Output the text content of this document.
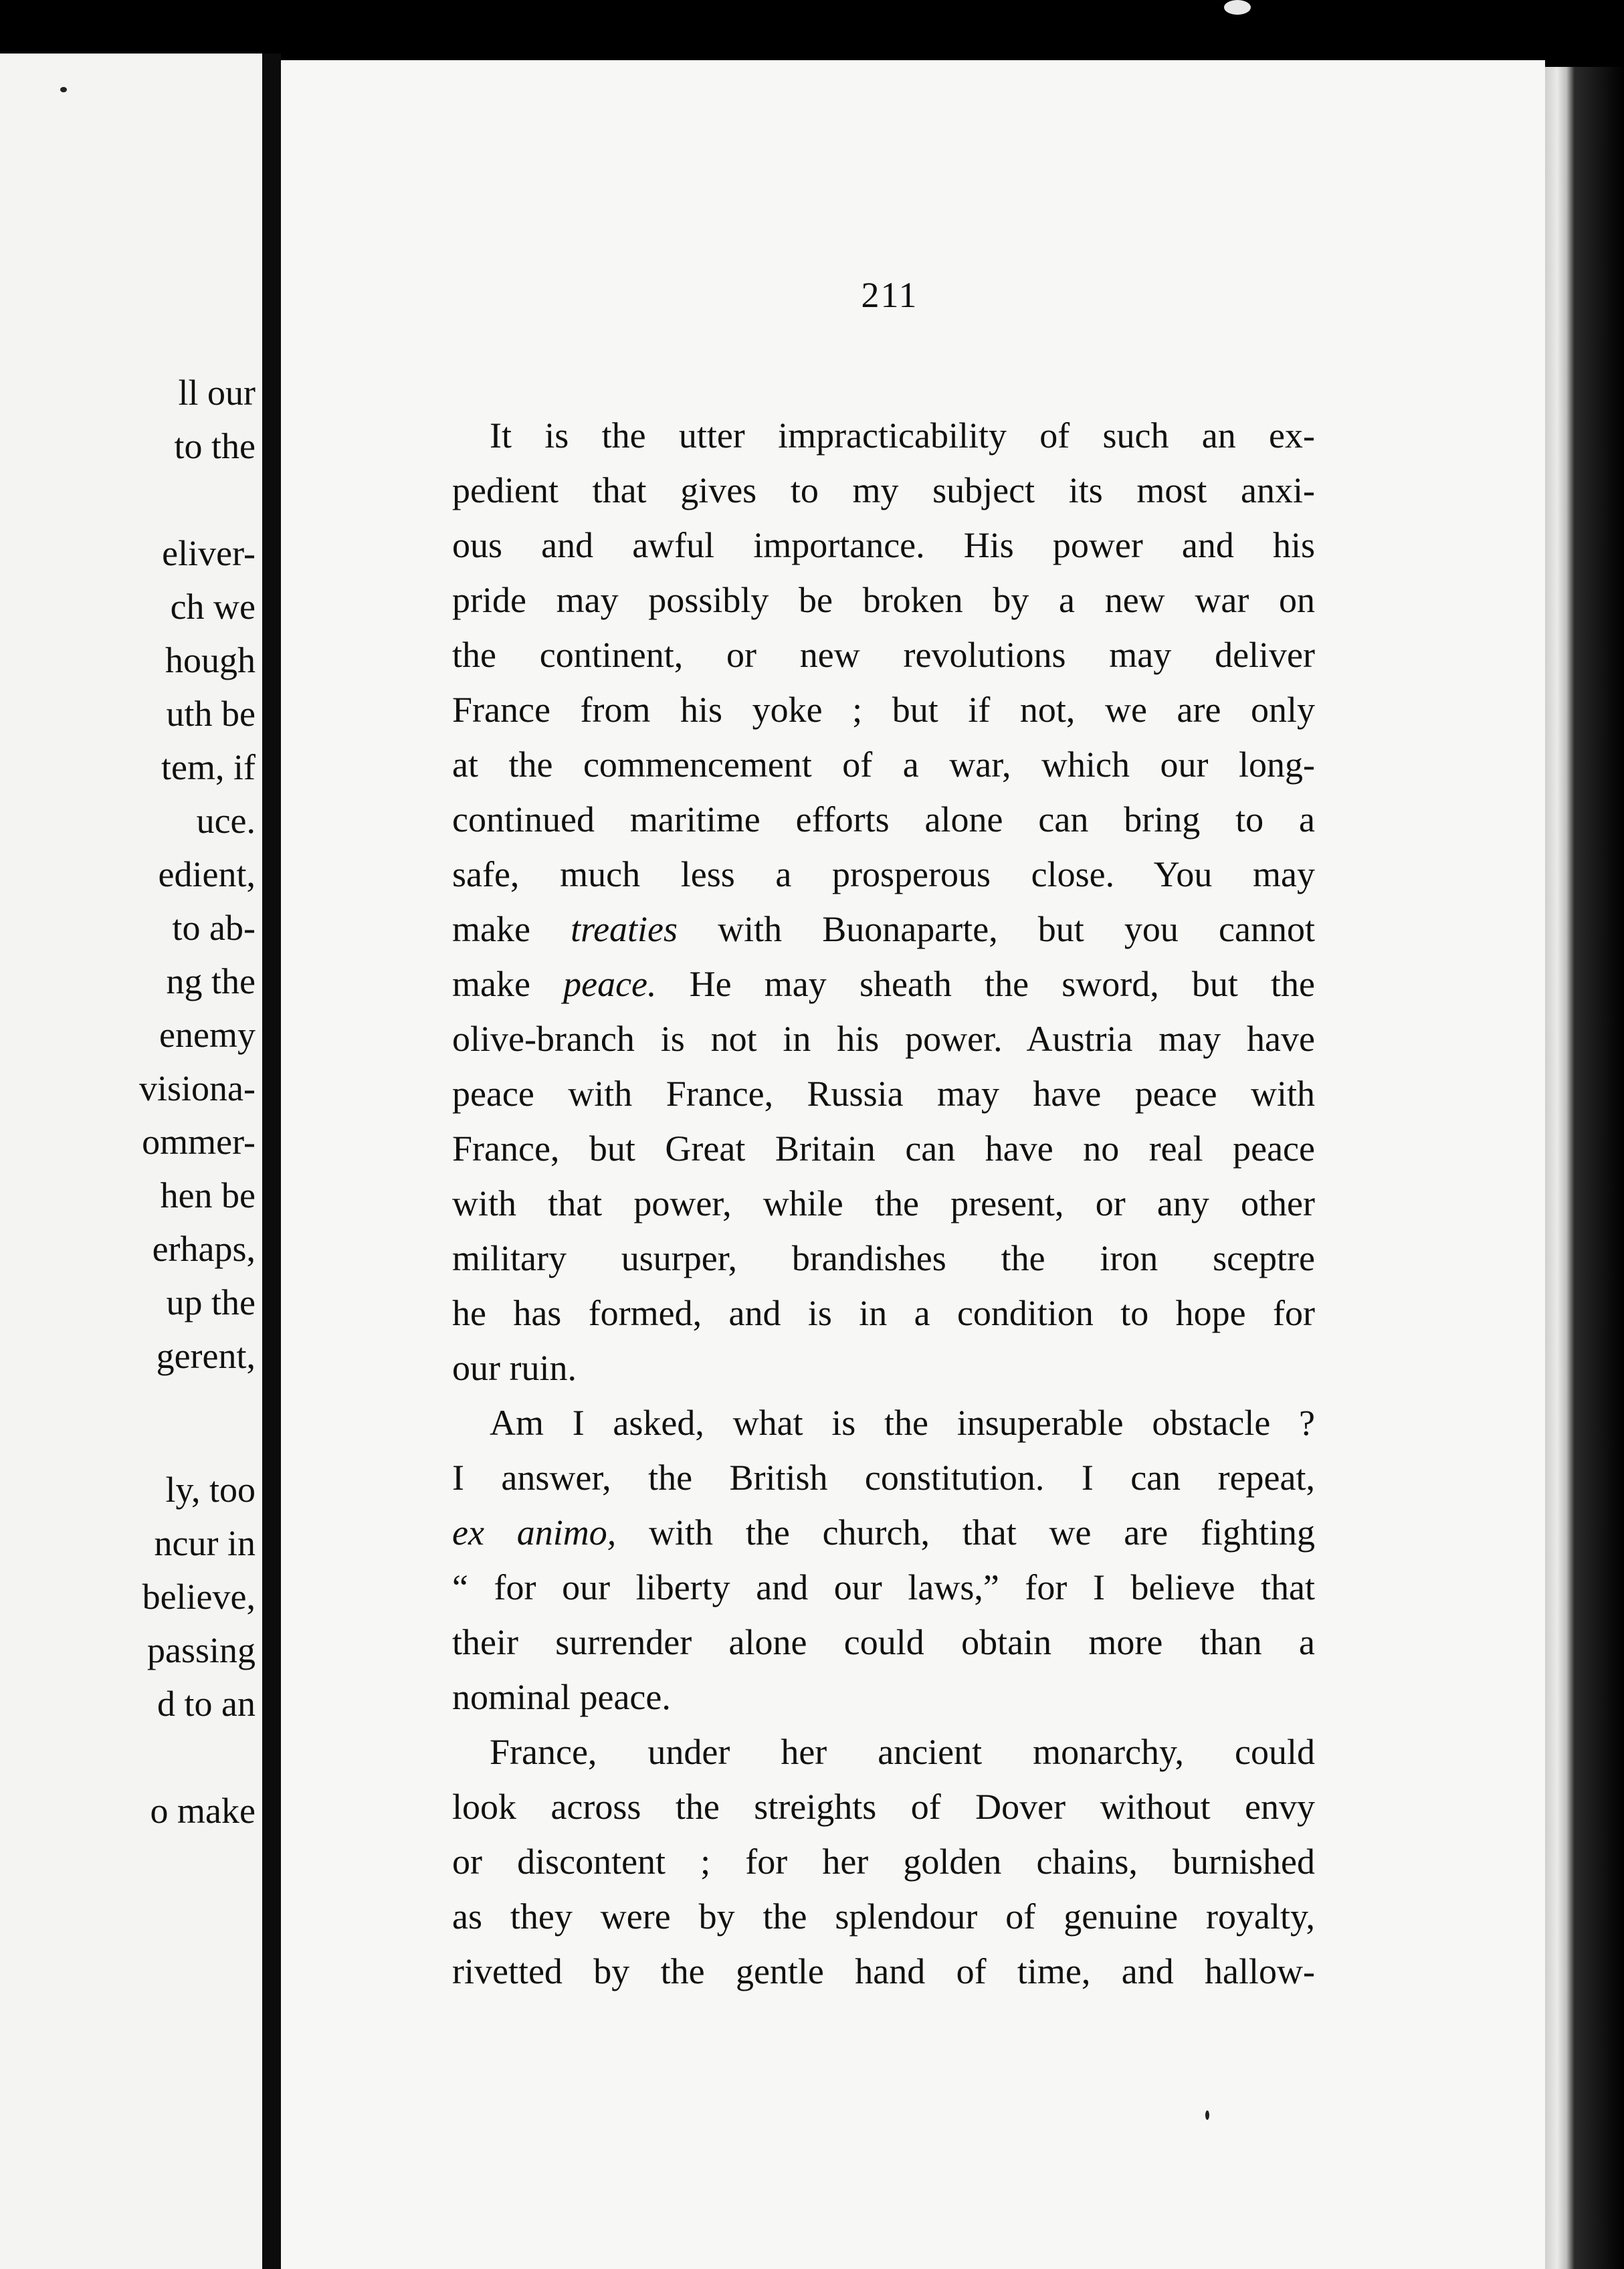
ll our
to the
eliver-
ch we
hough
uth be
tem, if
uce.
edient,
to ab-
ng the
enemy
visiona-
ommer-
hen be
erhaps,
up the
gerent,
ly, too
ncur in
believe,
passing
d to an
o make
211
It is the utter impracticability of such an ex-
pedient that gives to my subject its most anxi-
ous and awful importance. His power and his
pride may possibly be broken by a new war on
the continent, or new revolutions may deliver
France from his yoke ; but if not, we are only
at the commencement of a war, which our long-
continued maritime efforts alone can bring to a
safe, much less a prosperous close. You may
make treaties with Buonaparte, but you cannot
make peace. He may sheath the sword, but the
olive-branch is not in his power. Austria may have
peace with France, Russia may have peace with
France, but Great Britain can have no real peace
with that power, while the present, or any other
military usurper, brandishes the iron sceptre
he has formed, and is in a condition to hope for
our ruin.
Am I asked, what is the insuperable obstacle ?
I answer, the British constitution. I can repeat,
ex animo, with the church, that we are fighting
“ for our liberty and our laws,” for I believe that
their surrender alone could obtain more than a
nominal peace.
France, under her ancient monarchy, could
look across the streights of Dover without envy
or discontent ; for her golden chains, burnished
as they were by the splendour of genuine royalty,
rivetted by the gentle hand of time, and hallow-
